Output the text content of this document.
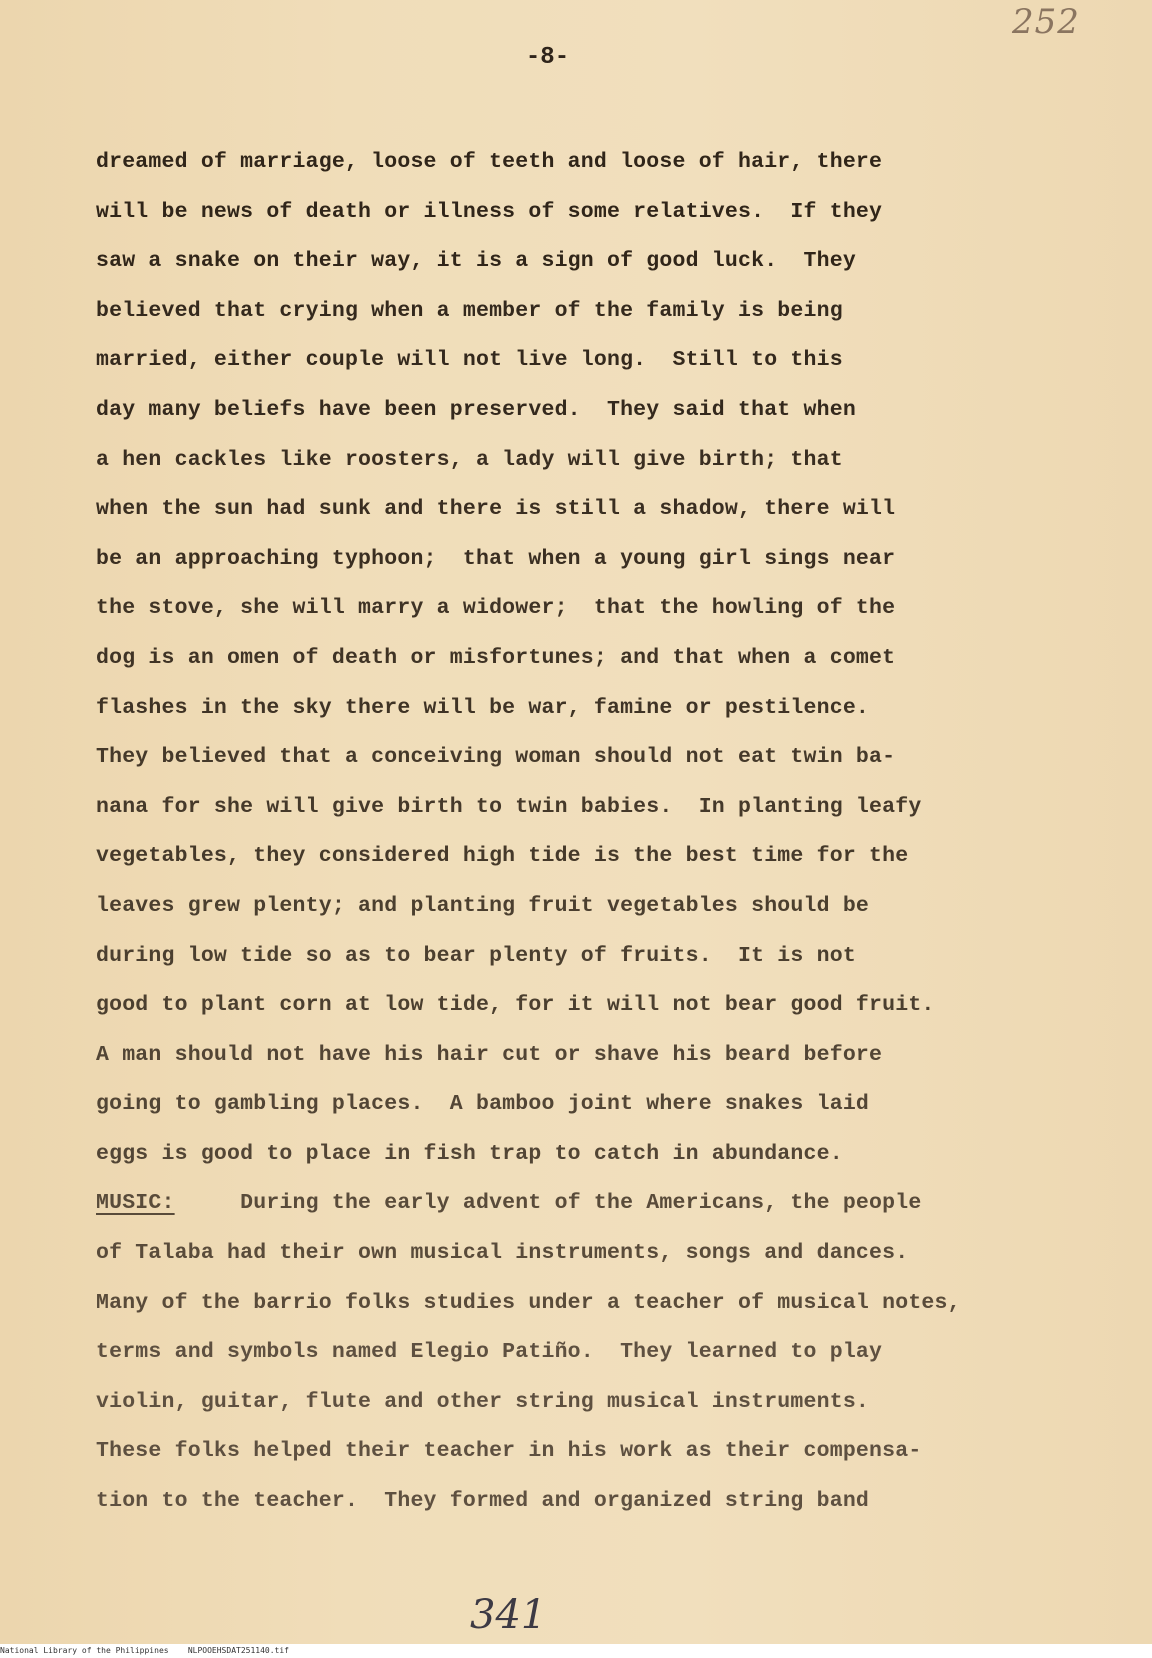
252
-8-
dreamed of marriage, loose of teeth and loose of hair, there
will be news of death or illness of some relatives.  If they
saw a snake on their way, it is a sign of good luck.  They
believed that crying when a member of the family is being
married, either couple will not live long.  Still to this
day many beliefs have been preserved.  They said that when
a hen cackles like roosters, a lady will give birth; that
when the sun had sunk and there is still a shadow, there will
be an approaching typhoon;  that when a young girl sings near
the stove, she will marry a widower;  that the howling of the
dog is an omen of death or misfortunes; and that when a comet
flashes in the sky there will be war, famine or pestilence.
They believed that a conceiving woman should not eat twin ba-
nana for she will give birth to twin babies.  In planting leafy
vegetables, they considered high tide is the best time for the
leaves grew plenty; and planting fruit vegetables should be
during low tide so as to bear plenty of fruits.  It is not
good to plant corn at low tide, for it will not bear good fruit.
A man should not have his hair cut or shave his beard before
going to gambling places.  A bamboo joint where snakes laid
eggs is good to place in fish trap to catch in abundance.
MUSIC:     During the early advent of the Americans, the people
of Talaba had their own musical instruments, songs and dances.
Many of the barrio folks studies under a teacher of musical notes,
terms and symbols named Elegio Patiño.  They learned to play
violin, guitar, flute and other string musical instruments.
These folks helped their teacher in his work as their compensa-
tion to the teacher.  They formed and organized string band
341
National Library of the Philippines    NLPOOEHSDAT251140.tif
